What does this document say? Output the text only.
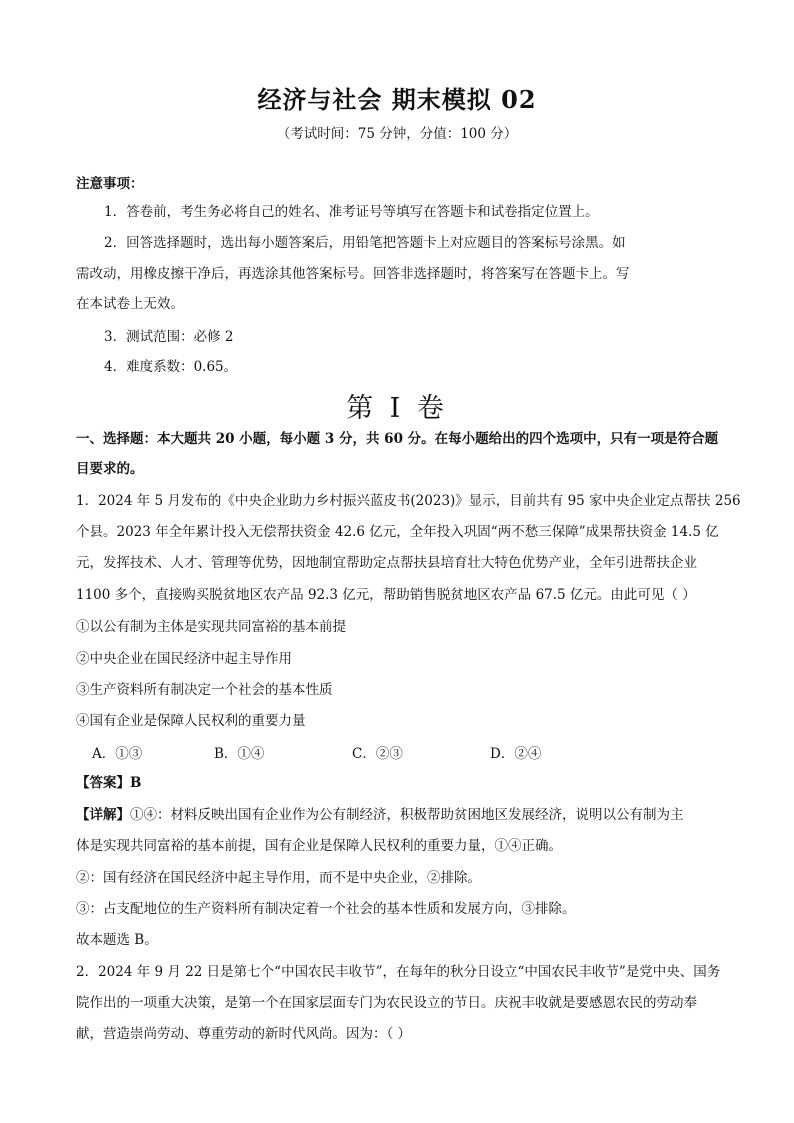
经济与社会 期末模拟 02
（考试时间：75 分钟，分值：100 分）
注意事项：
1．答卷前，考生务必将自己的姓名、准考证号等填写在答题卡和试卷指定位置上。
2．回答选择题时，选出每小题答案后，用铅笔把答题卡上对应题目的答案标号涂黑。如
需改动，用橡皮擦干净后，再选涂其他答案标号。回答非选择题时，将答案写在答题卡上。写
在本试卷上无效。
3．测试范围：必修 2
4．难度系数：0.65。
第 I 卷
一、选择题：本大题共 20 小题，每小题 3 分，共 60 分。在每小题给出的四个选项中，只有一项是符合题
目要求的。
1．2024 年 5 月发布的《中央企业助力乡村振兴蓝皮书(2023)》显示，目前共有 95 家中央企业定点帮扶 256
个县。2023 年全年累计投入无偿帮扶资金 42.6 亿元，全年投入巩固“两不愁三保障”成果帮扶资金 14.5 亿
元，发挥技术、人才、管理等优势，因地制宜帮助定点帮扶县培育壮大特色优势产业，全年引进帮扶企业
1100 多个，直接购买脱贫地区农产品 92.3 亿元，帮助销售脱贫地区农产品 67.5 亿元。由此可见（ ）
①以公有制为主体是实现共同富裕的基本前提
②中央企业在国民经济中起主导作用
③生产资料所有制决定一个社会的基本性质
④国有企业是保障人民权利的重要力量
A．①③	B．①④	C．②③	D．②④
【答案】B
【详解】①④：材料反映出国有企业作为公有制经济，积极帮助贫困地区发展经济，说明以公有制为主
体是实现共同富裕的基本前提，国有企业是保障人民权利的重要力量，①④正确。
②：国有经济在国民经济中起主导作用，而不是中央企业，②排除。
③：占支配地位的生产资料所有制决定着一个社会的基本性质和发展方向，③排除。
故本题选 B。
2．2024 年 9 月 22 日是第七个“中国农民丰收节”，在每年的秋分日设立“中国农民丰收节”是党中央、国务
院作出的一项重大决策，是第一个在国家层面专门为农民设立的节日。庆祝丰收就是要感恩农民的劳动奉
献，营造崇尚劳动、尊重劳动的新时代风尚。因为：（ ）
